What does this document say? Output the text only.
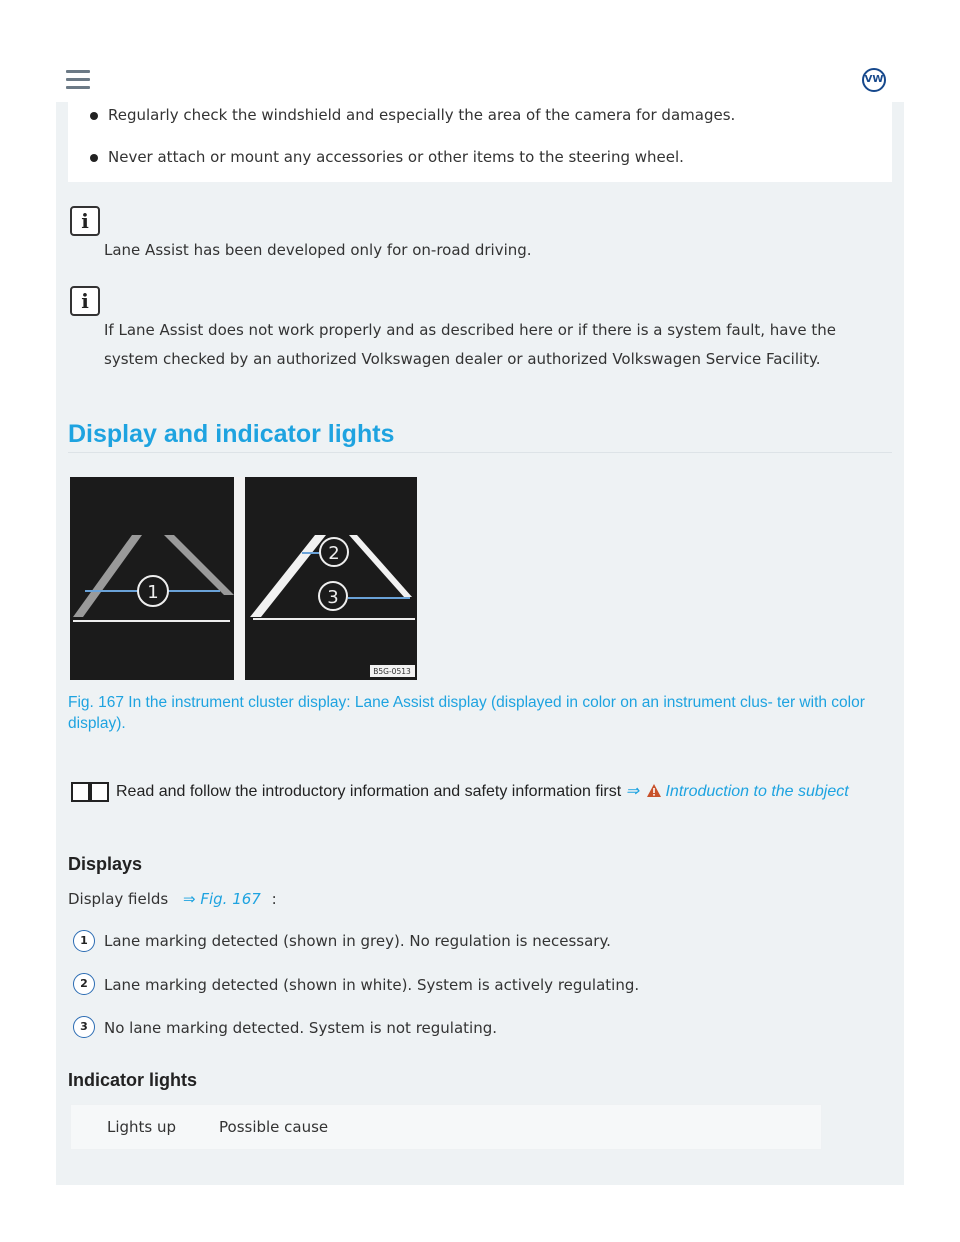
VW
Regularly check the windshield and especially the area of the camera for damages.
Never attach or mount any accessories or other items to the steering wheel.
i
Lane Assist has been developed only for on-road driving.
i
If Lane Assist does not work properly and as described here or if there is a system fault, have the system checked by an authorized Volkswagen dealer or authorized Volkswagen Service Facility.
Display and indicator lights
1
2
3
B5G-0513
Fig. 167 In the instrument cluster display: Lane Assist display (displayed in color on an instrument clus- ter with color display).
Read and follow the introductory information and safety information first ⇒ Introduction to the subject
Displays
Display fields ⇒ Fig. 167 :
1	Lane marking detected (shown in grey). No regulation is necessary.
2	Lane marking detected (shown in white). System is actively regulating.
3	No lane marking detected. System is not regulating.
Indicator lights
Lights up	Possible cause
